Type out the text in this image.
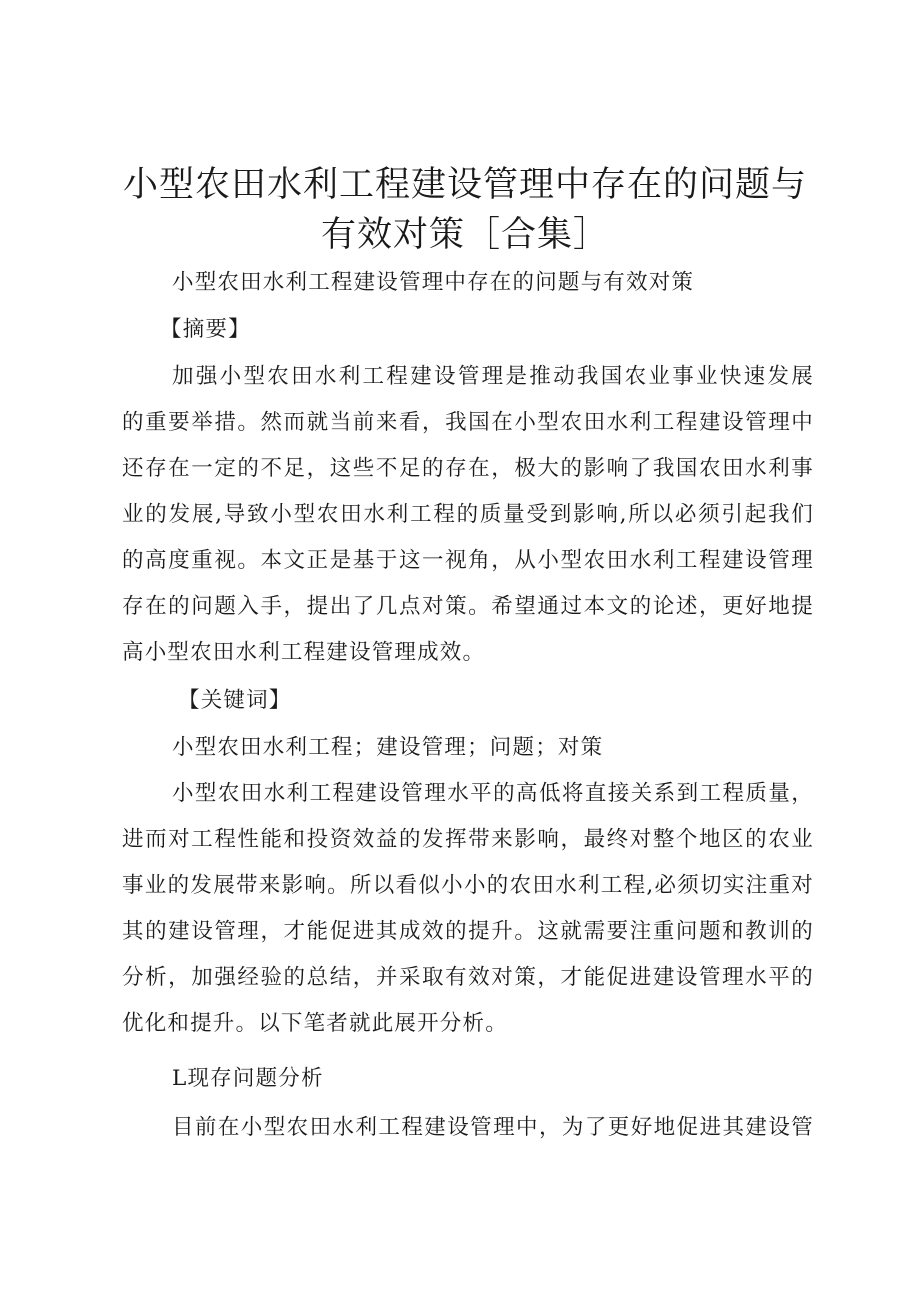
小型农田水利工程建设管理中存在的问题与有效对策［合集］
小型农田水利工程建设管理中存在的问题与有效对策
【摘要】
加强小型农田水利工程建设管理是推动我国农业事业快速发展
的重要举措。然而就当前来看，我国在小型农田水利工程建设管理中
还存在一定的不足，这些不足的存在，极大的影响了我国农田水利事
业的发展,导致小型农田水利工程的质量受到影响,所以必须引起我们
的高度重视。本文正是基于这一视角，从小型农田水利工程建设管理
存在的问题入手，提出了几点对策。希望通过本文的论述，更好地提
高小型农田水利工程建设管理成效。
【关键词】
小型农田水利工程；建设管理；问题；对策
小型农田水利工程建设管理水平的高低将直接关系到工程质量，
进而对工程性能和投资效益的发挥带来影响，最终对整个地区的农业
事业的发展带来影响。所以看似小小的农田水利工程,必须切实注重对
其的建设管理，才能促进其成效的提升。这就需要注重问题和教训的
分析，加强经验的总结，并采取有效对策，才能促进建设管理水平的
优化和提升。以下笔者就此展开分析。
L现存问题分析
目前在小型农田水利工程建设管理中，为了更好地促进其建设管
